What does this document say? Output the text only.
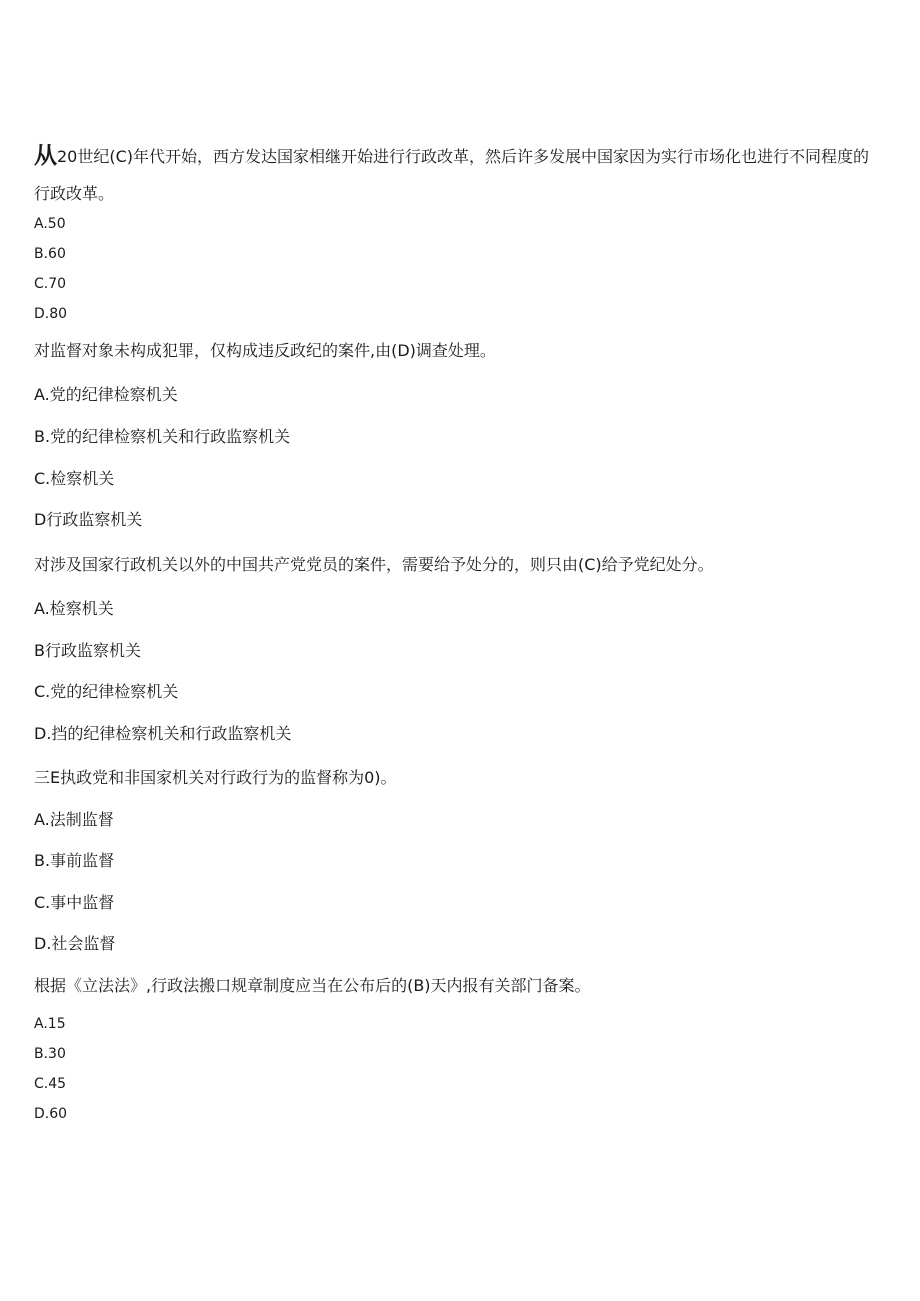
从20世纪(C)年代开始，西方发达国家相继开始进行行政改革，然后许多发展中国家因为实行市场化也进行不同程度的行政改革。
A.50
B.60
C.70
D.80
对监督对象未构成犯罪，仅构成违反政纪的案件,由(D)调查处理。
A.党的纪律检察机关
B.党的纪律检察机关和行政监察机关
C.检察机关
D行政监察机关
对涉及国家行政机关以外的中国共产党党员的案件，需要给予处分的，则只由(C)给予党纪处分。
A.检察机关
B行政监察机关
C.党的纪律检察机关
D.挡的纪律检察机关和行政监察机关
三E执政党和非国家机关对行政行为的监督称为0)。
A.法制监督
B.事前监督
C.事中监督
D.社会监督
根据《立法法》,行政法搬口规章制度应当在公布后的(B)天内报有关部门备案。
A.15
B.30
C.45
D.60
